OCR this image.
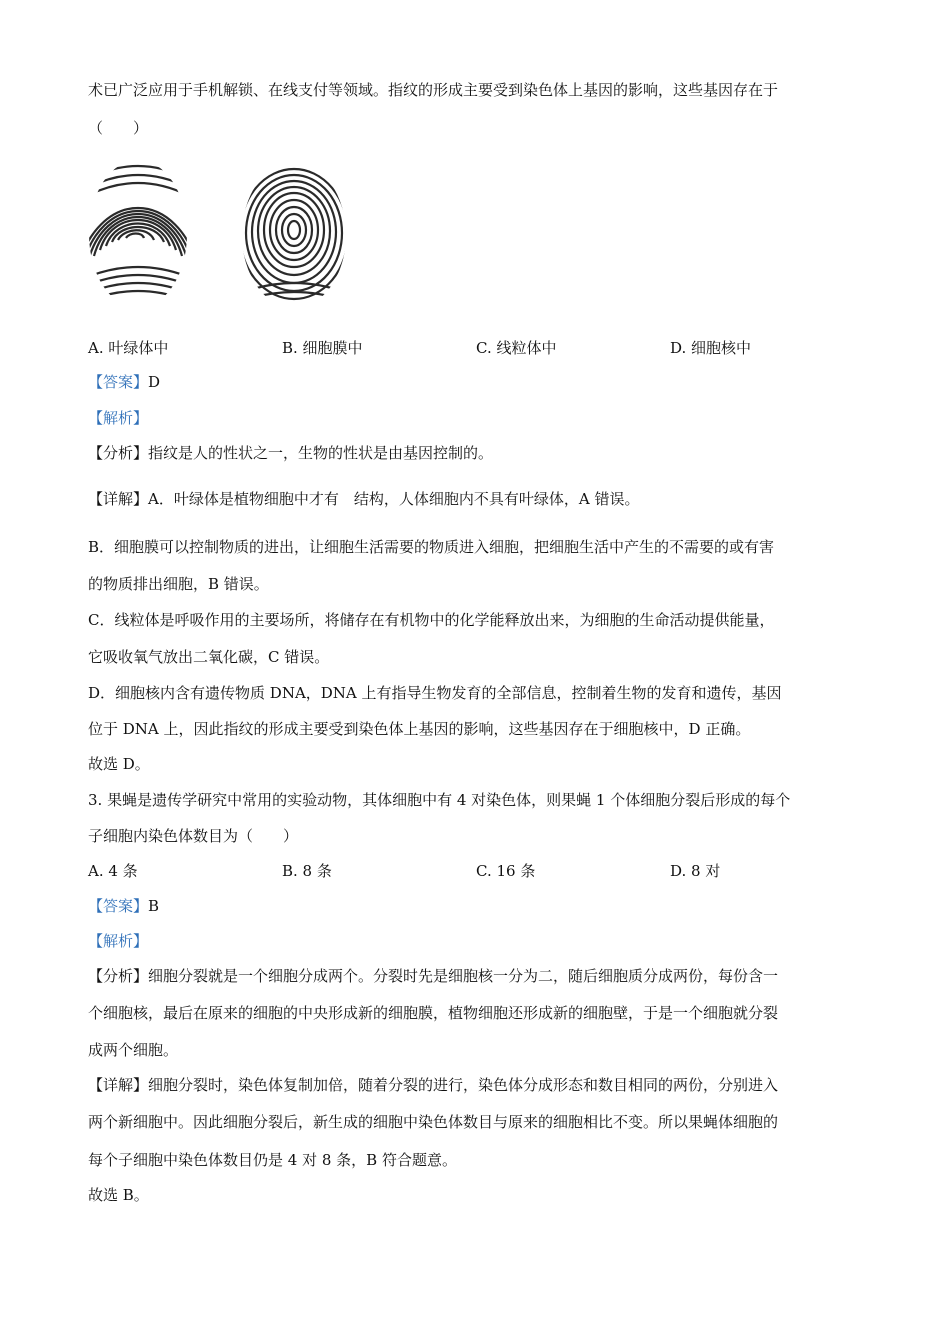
术已广泛应用于手机解锁、在线支付等领域。指纹的形成主要受到染色体上基因的影响，这些基因存在于
（　　）
A. 叶绿体中	B. 细胞膜中	C. 线粒体中	D. 细胞核中
【答案】D
【解析】
【分析】指纹是人的性状之一，生物的性状是由基因控制的。
【详解】A．叶绿体是植物细胞中才有　结构，人体细胞内不具有叶绿体，A 错误。
B．细胞膜可以控制物质的进出，让细胞生活需要的物质进入细胞，把细胞生活中产生的不需要的或有害
的物质排出细胞，B 错误。
C．线粒体是呼吸作用的主要场所，将储存在有机物中的化学能释放出来，为细胞的生命活动提供能量，
它吸收氧气放出二氧化碳，C 错误。
D．细胞核内含有遗传物质 DNA，DNA 上有指导生物发育的全部信息，控制着生物的发育和遗传，基因
位于 DNA 上，因此指纹的形成主要受到染色体上基因的影响，这些基因存在于细胞核中，D 正确。
故选 D。
3. 果蝇是遗传学研究中常用的实验动物，其体细胞中有 4 对染色体，则果蝇 1 个体细胞分裂后形成的每个
子细胞内染色体数目为（　　）
A. 4 条	B. 8 条	C. 16 条	D. 8 对
【答案】B
【解析】
【分析】细胞分裂就是一个细胞分成两个。分裂时先是细胞核一分为二，随后细胞质分成两份，每份含一
个细胞核，最后在原来的细胞的中央形成新的细胞膜，植物细胞还形成新的细胞壁，于是一个细胞就分裂
成两个细胞。
【详解】细胞分裂时，染色体复制加倍，随着分裂的进行，染色体分成形态和数目相同的两份，分别进入
两个新细胞中。因此细胞分裂后，新生成的细胞中染色体数目与原来的细胞相比不变。所以果蝇体细胞的
每个子细胞中染色体数目仍是 4 对 8 条，B 符合题意。
故选 B。
